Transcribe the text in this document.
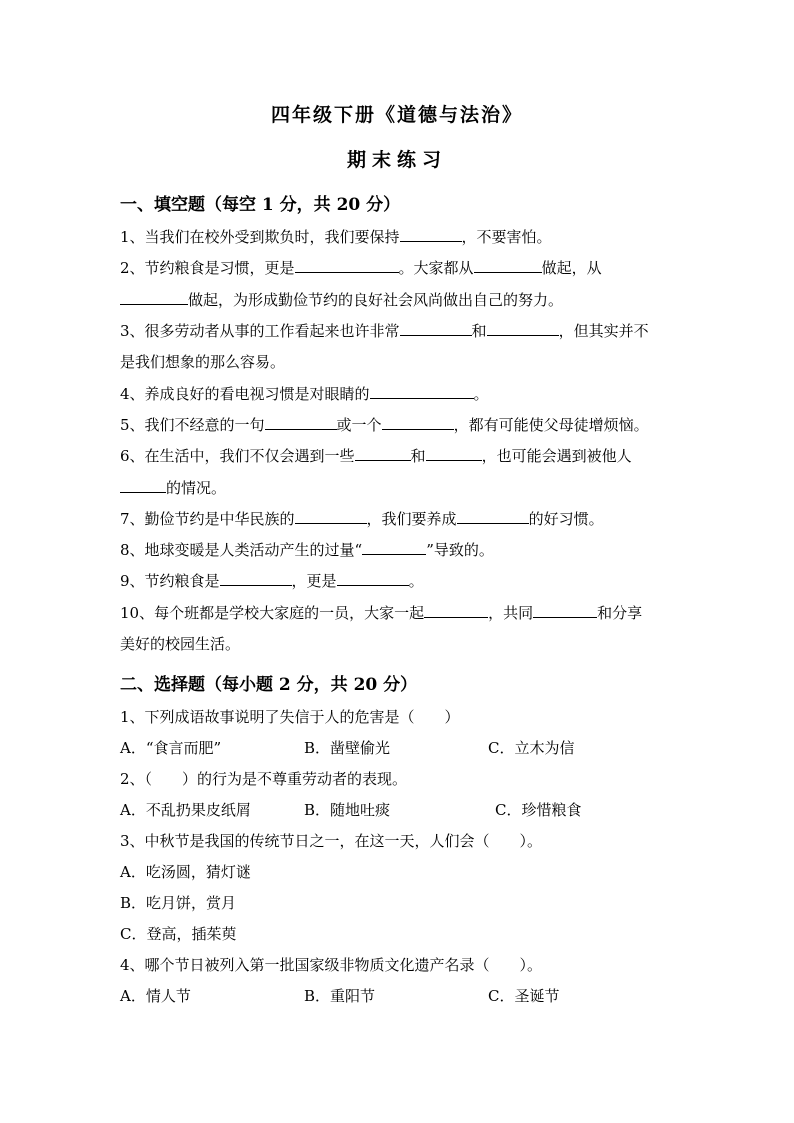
四年级下册《道德与法治》
期末练习
一、填空题（每空 1 分，共 20 分）
1、当我们在校外受到欺负时，我们要保持	，不要害怕。
2、节约粮食是习惯，更是	。大家都从	做起，从
做起，为形成勤俭节约的良好社会风尚做出自己的努力。
3、很多劳动者从事的工作看起来也许非常	和	，但其实并不
是我们想象的那么容易。
4、养成良好的看电视习惯是对眼睛的	。
5、我们不经意的一句	或一个	，都有可能使父母徒增烦恼。
6、在生活中，我们不仅会遇到一些	和	，也可能会遇到被他人
的情况。
7、勤俭节约是中华民族的	，我们要养成	的好习惯。
8、地球变暖是人类活动产生的过量“	”导致的。
9、节约粮食是	，更是	。
10、每个班都是学校大家庭的一员，大家一起	，共同	和分享
美好的校园生活。
二、选择题（每小题 2 分，共 20 分）
1、下列成语故事说明了失信于人的危害是（　　）
A．“食言而肥”	B．凿壁偷光	C．立木为信
2、（　　）的行为是不尊重劳动者的表现。
A．不乱扔果皮纸屑	B．随地吐痰	C．珍惜粮食
3、中秋节是我国的传统节日之一，在这一天，人们会（　　）。
A．吃汤圆，猜灯谜
B．吃月饼，赏月
C．登高，插茱萸
4、哪个节日被列入第一批国家级非物质文化遗产名录（　　）。
A．情人节	B．重阳节	C．圣诞节
